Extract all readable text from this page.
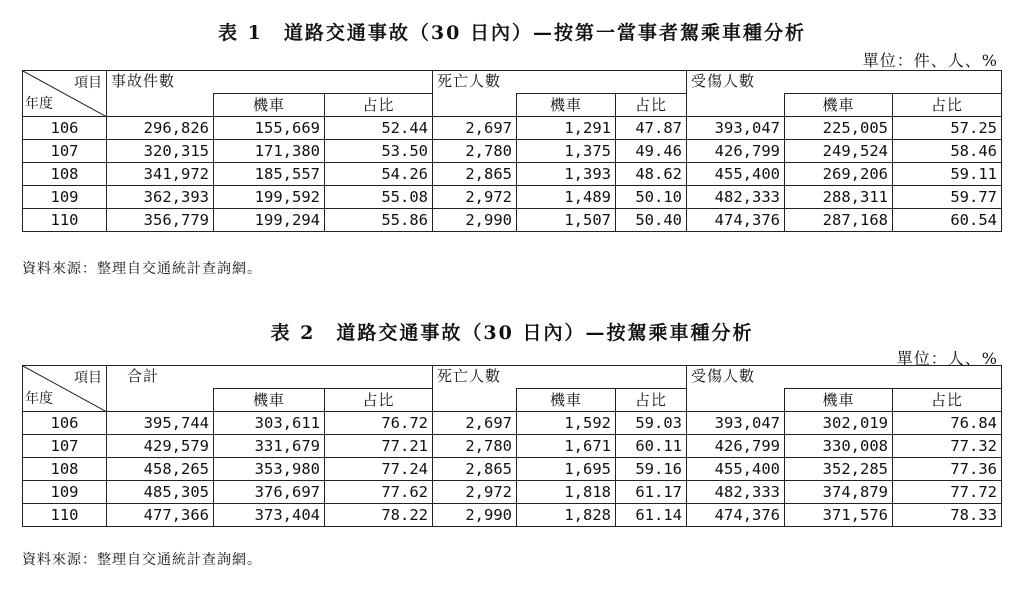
表 1　道路交通事故（30 日內）—按第一當事者駕乘車種分析
單位：件、人、%
項目
年度	事故件數			死亡人數			受傷人數		
		機車	占比		機車	占比		機車	占比
106	296,826	155,669	52.44	2,697	1,291	47.87	393,047	225,005	57.25
107	320,315	171,380	53.50	2,780	1,375	49.46	426,799	249,524	58.46
108	341,972	185,557	54.26	2,865	1,393	48.62	455,400	269,206	59.11
109	362,393	199,592	55.08	2,972	1,489	50.10	482,333	288,311	59.77
110	356,779	199,294	55.86	2,990	1,507	50.40	474,376	287,168	60.54
資料來源：整理自交通統計查詢網。
表 2　道路交通事故（30 日內）—按駕乘車種分析
單位：人、%
項目
年度	合計			死亡人數			受傷人數		
		機車	占比		機車	占比		機車	占比
106	395,744	303,611	76.72	2,697	1,592	59.03	393,047	302,019	76.84
107	429,579	331,679	77.21	2,780	1,671	60.11	426,799	330,008	77.32
108	458,265	353,980	77.24	2,865	1,695	59.16	455,400	352,285	77.36
109	485,305	376,697	77.62	2,972	1,818	61.17	482,333	374,879	77.72
110	477,366	373,404	78.22	2,990	1,828	61.14	474,376	371,576	78.33
資料來源：整理自交通統計查詢網。
